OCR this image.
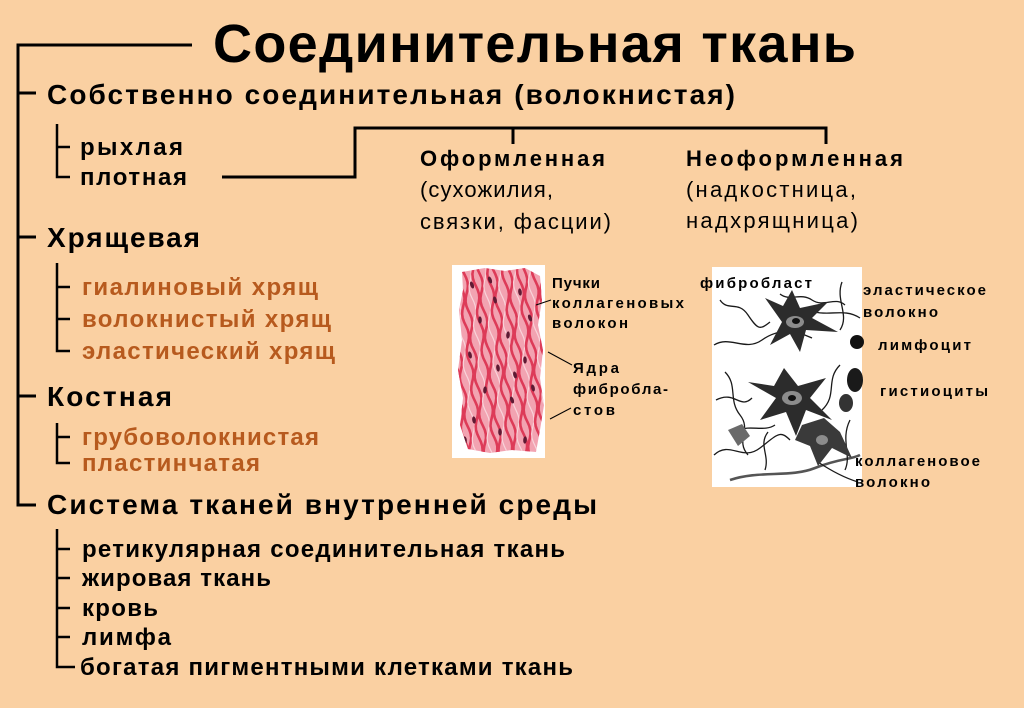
Соединительная ткань
Собственно соединительная (волокнистая)
рыхлая
плотная
Оформленная
(сухожилия,
связки, фасции)
Неоформленная
(надкостница,
надхрящница)
Хрящевая
гиалиновый хрящ
волокнистый хрящ
эластический хрящ
Костная
грубоволокнистая
пластинчатая
Система тканей внутренней среды
ретикулярная соединительная ткань
жировая ткань
кровь
лимфа
богатая пигментными клетками ткань
Пучки
коллагеновых
волокон
Ядра
фибробла-
стов
фибробласт	эластическое
волокно
лимфоцит
гистиоциты
коллагеновое
волокно
